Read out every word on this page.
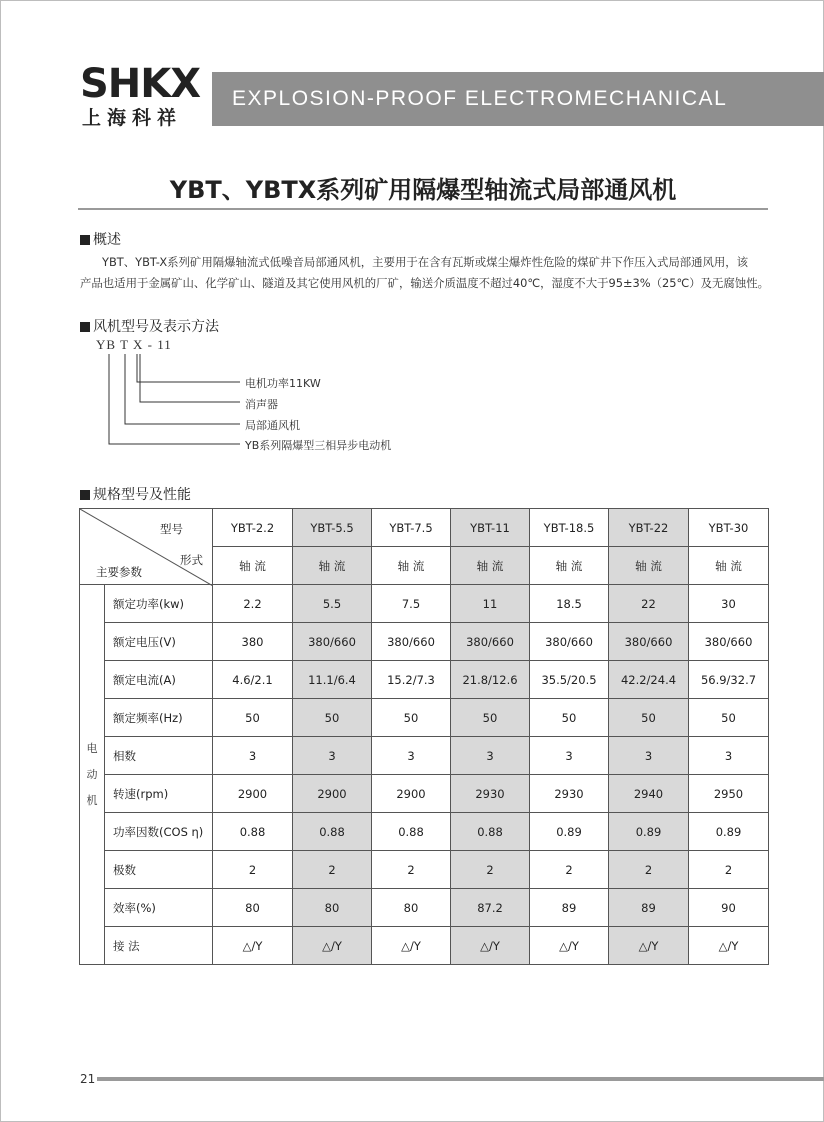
SHKX
上海科祥
EXPLOSION-PROOF ELECTROMECHANICAL
YBT、YBTX系列矿用隔爆型轴流式局部通风机
概述
YBT、YBT-X系列矿用隔爆轴流式低噪音局部通风机，主要用于在含有瓦斯或煤尘爆炸性危险的煤矿井下作压入式局部通风用，该
产品也适用于金属矿山、化学矿山、隧道及其它使用风机的厂矿，输送介质温度不超过40℃，湿度不大于95±3%（25℃）及无腐蚀性。
风机型号及表示方法
YB T X - 11
电机功率11KW
消声器
局部通风机
YB系列隔爆型三相异步电动机
规格型号及性能
型号
形式
主要参数		YBT-2.2	YBT-5.5	YBT-7.5	YBT-11	YBT-18.5	YBT-22	YBT-30
		轴 流	轴 流	轴 流	轴 流	轴 流	轴 流	轴 流

电
动
机	额定功率(kw)	2.2	5.5	7.5	11	18.5	22	30
	额定电压(V)	380	380/660	380/660	380/660	380/660	380/660	380/660
	额定电流(A)	4.6/2.1	11.1/6.4	15.2/7.3	21.8/12.6	35.5/20.5	42.2/24.4	56.9/32.7
	额定频率(Hz)	50	50	50	50	50	50	50
	相数	3	3	3	3	3	3	3
	转速(rpm)	2900	2900	2900	2930	2930	2940	2950
	功率因数(COS η)	0.88	0.88	0.88	0.88	0.89	0.89	0.89
	极数	2	2	2	2	2	2	2
	效率(%)	80	80	80	87.2	89	89	90
	接 法	△/Y	△/Y	△/Y	△/Y	△/Y	△/Y	△/Y
21
